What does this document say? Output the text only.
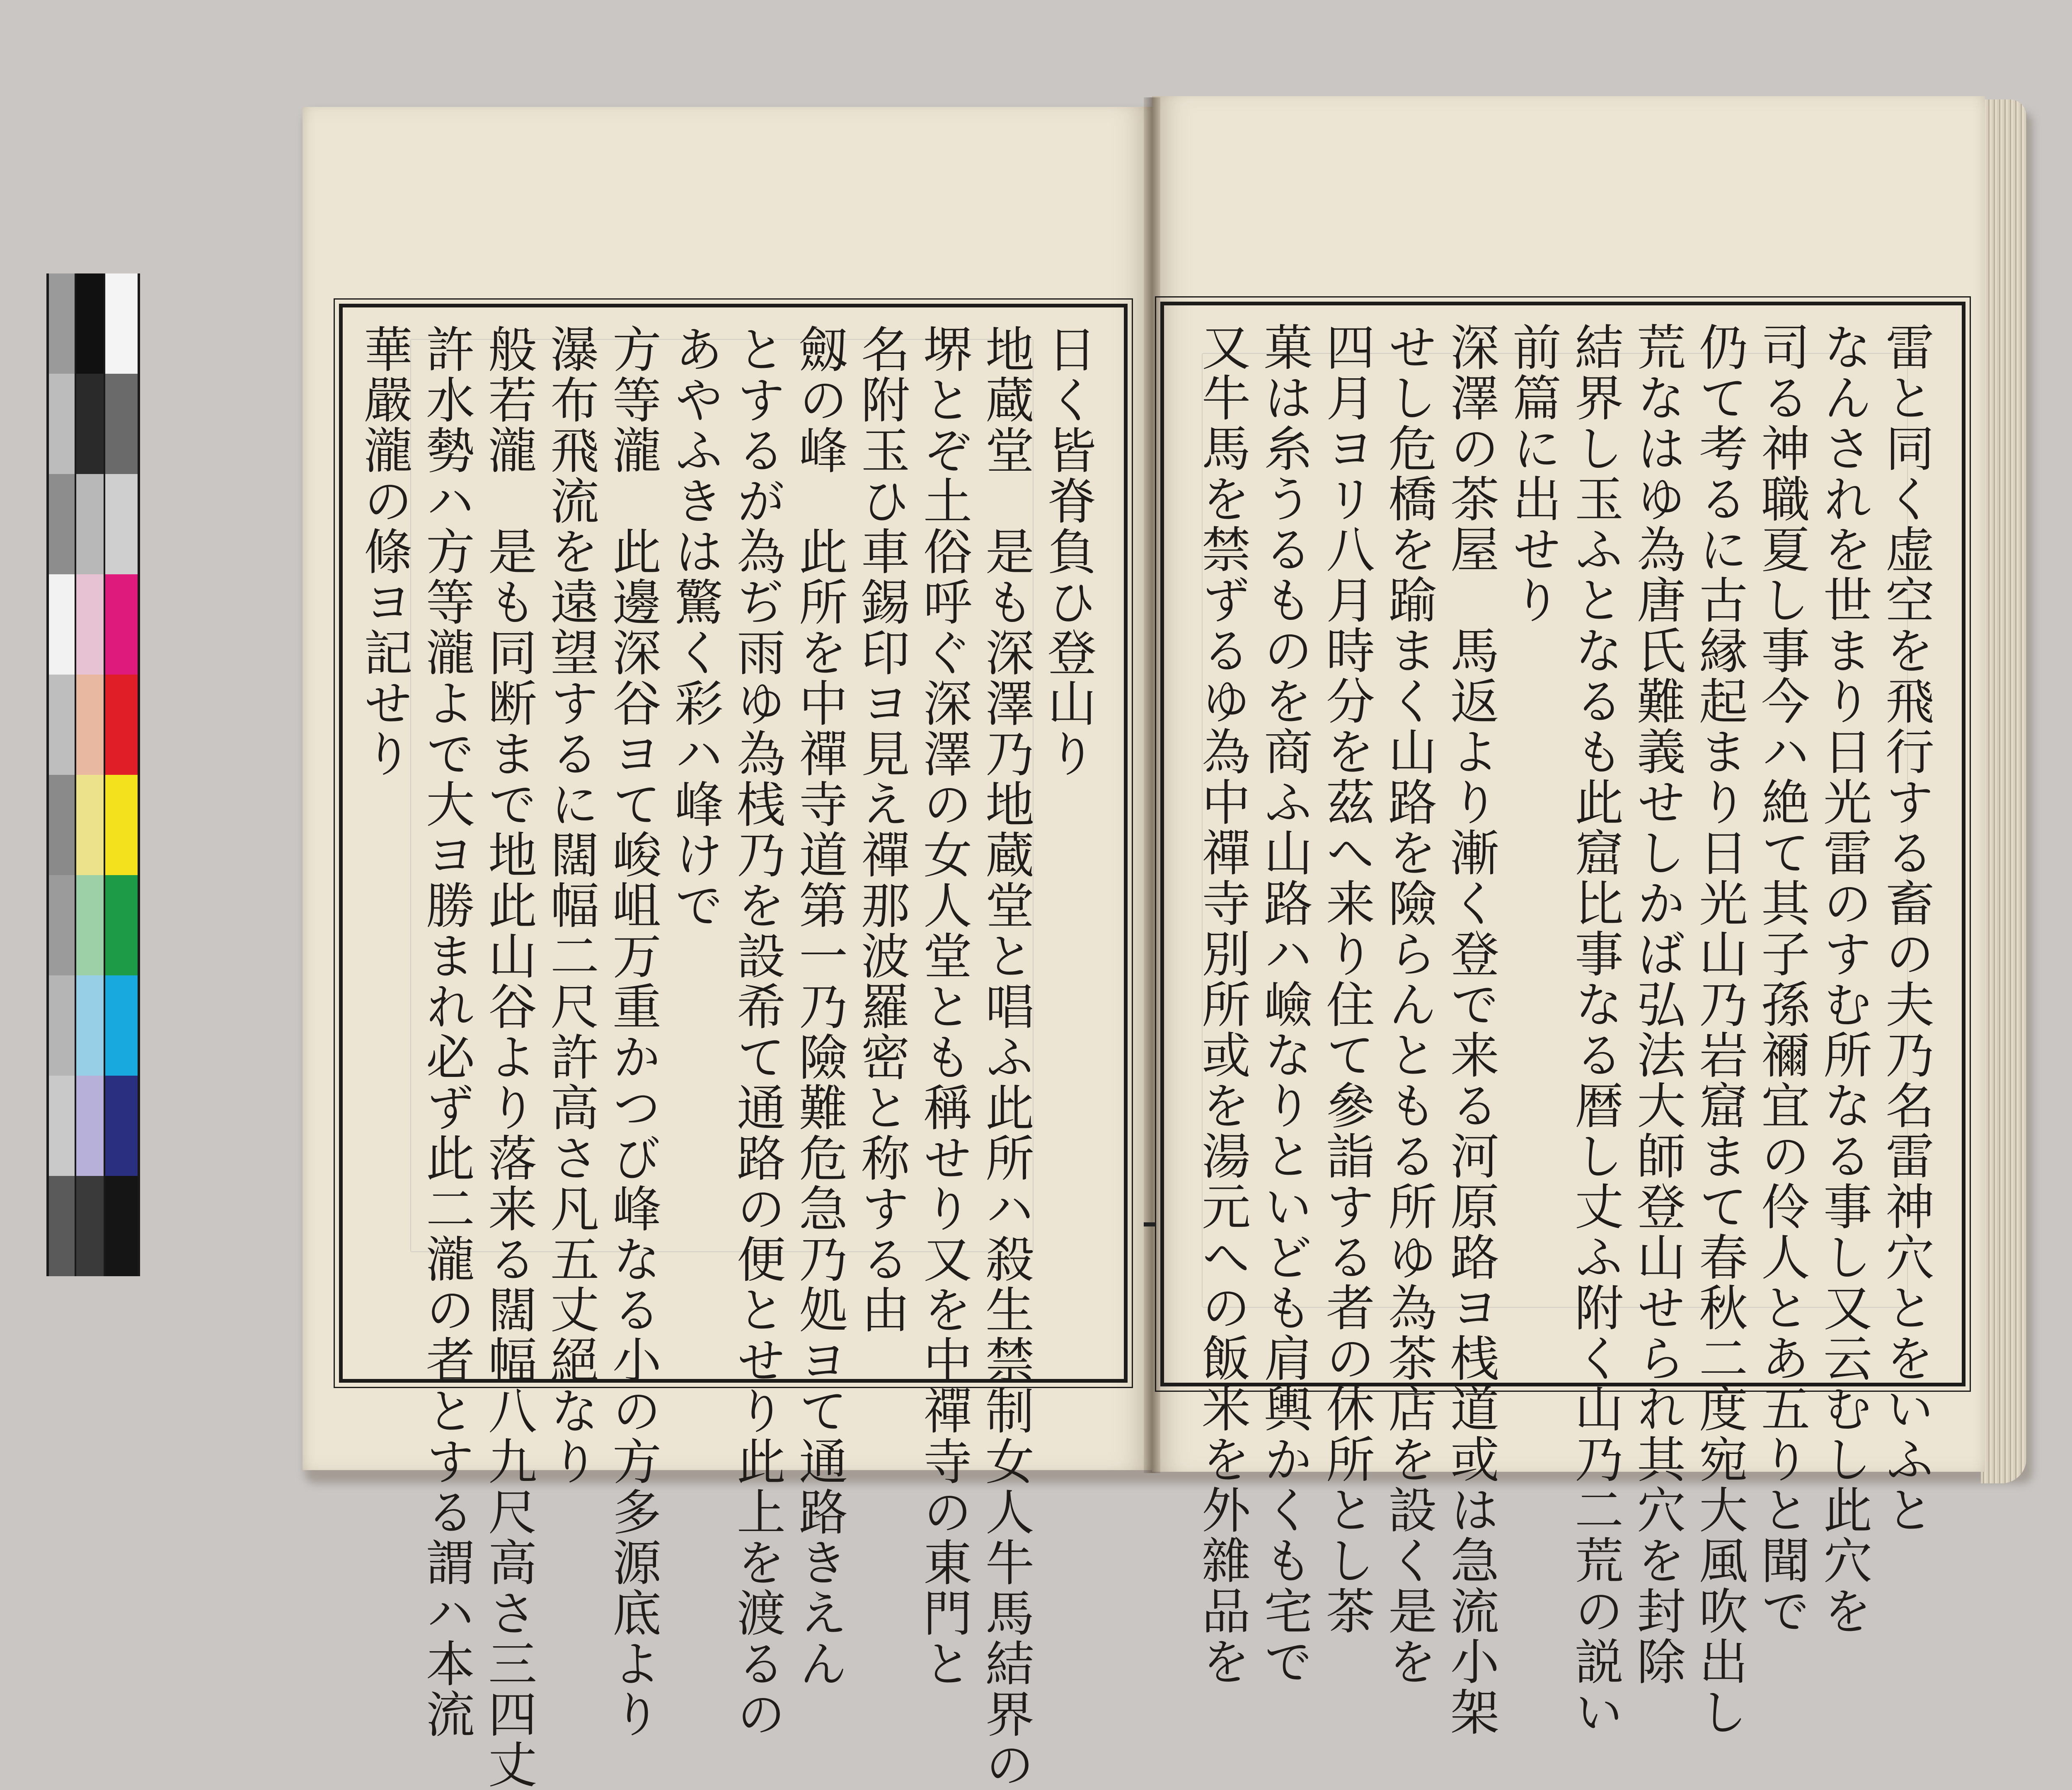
日く皆脊負ひ登山り
地蔵堂　是も深澤乃地蔵堂と唱ふ此所ハ殺生禁制女人牛馬結界の
堺とぞ土俗呼ぐ深澤の女人堂とも稱せり又を中禪寺の東門と
名附玉ひ車錫印ヨ見え禪那波羅密と称する由
劔の峰　此所を中禪寺道第一乃險難危急乃処ヨて通路きえん
とするが為ぢ雨ゆ為桟乃を設希て通路の便とせり此上を渡るの
あやふきは驚く彩ハ峰けで
方等瀧　此邊深谷ヨて峻岨万重かつび峰なる小の方多源底より
瀑布飛流を遠望するに闊幅二尺許高さ凡五丈絕なり
般若瀧　是も同断まで地此山谷より落来る闊幅八九尺高さ三四丈
許水勢ハ方等瀧よで大ヨ勝まれ必ず此二瀧の者とする謂ハ本流
華嚴瀧の條ヨ記せり	雷と同く虚空を飛行する畜の夫乃名雷神穴とをいふと
なんされを世まり日光雷のすむ所なる事し又云むし此穴を
司る神職夏し事今ハ絶て其子孫禰宜の伶人とあ五りと聞で
仍て考るに古縁起まり日光山乃岩窟まて春秋二度宛大風吹出し
荒なはゆ為唐氏難義せしかば弘法大師登山せられ其穴を封除
結界し玉ふとなるも此窟比事なる暦し丈ふ附く山乃二荒の説い
前篇に出せり
深澤の茶屋　馬返より漸く登で来る河原路ヨ桟道或は急流小架
せし危橋を踰まく山路を險らんともる所ゆ為茶店を設く是を
四月ヨリ八月時分を茲へ来り住て參詣する者の休所とし茶
菓は糸うるものを商ふ山路ハ嶮なりといども肩輿かくも宅で
又牛馬を禁ずるゆ為中禪寺別所或を湯元への飯米を外雜品を
